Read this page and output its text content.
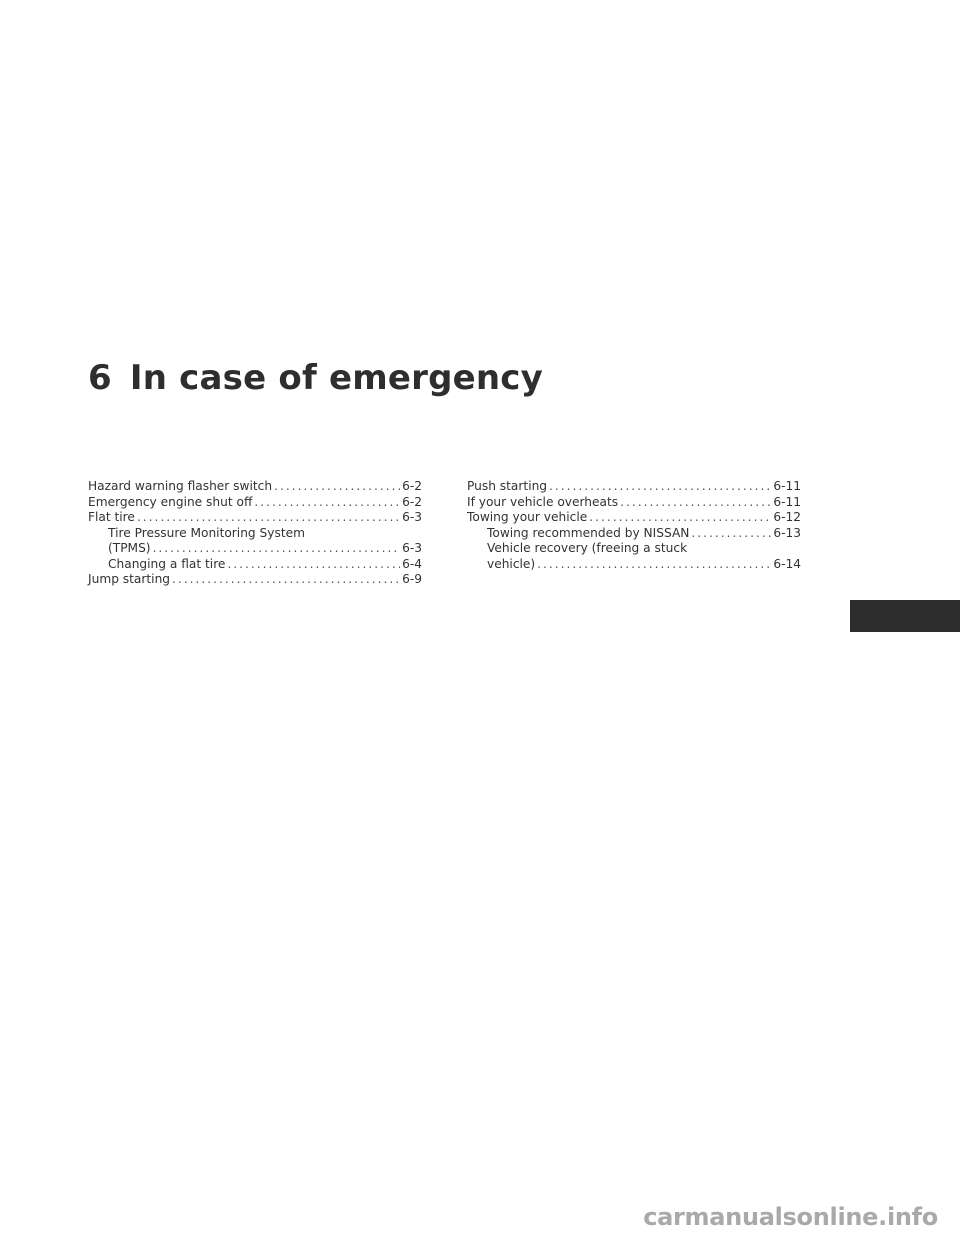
6 In case of emergency
Hazard warning flasher switch .....	6-2
Emergency engine shut off .....	6-2
Flat tire .....	6-3
Tire Pressure Monitoring System
(TPMS) .....	6-3
Changing a flat tire .....	6-4
Jump starting .....	6-9
Push starting .....	6-11
If your vehicle overheats .....	6-11
Towing your vehicle .....	6-12
Towing recommended by NISSAN .....	6-13
Vehicle recovery (freeing a stuck
vehicle) .....	6-14
carmanualsonline.info
